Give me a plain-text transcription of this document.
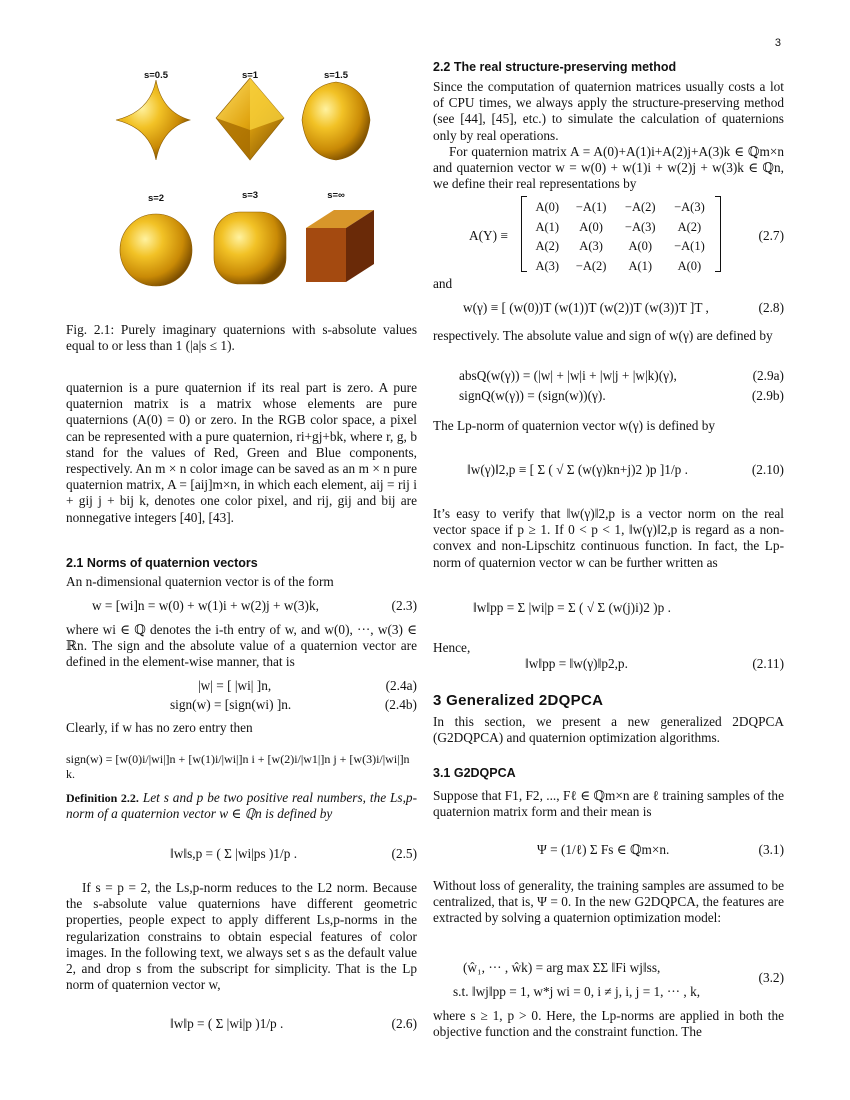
3
s=0.5	s=1	s=1.5
s=2	s=3	s=∞
Fig. 2.1: Purely imaginary quaternions with s-absolute values equal to or less than 1 (|a|s ≤ 1).

quaternion is a pure quaternion if its real part is zero. A pure quaternion matrix is a matrix whose elements are pure quaternions (A(0) = 0) or zero. In the RGB color space, a pixel can be represented with a pure quaternion, ri+gj+bk, where r, g, b stand for the values of Red, Green and Blue components, respectively. An m × n color image can be saved as an m × n pure quaternion matrix, A = [aij]m×n, in which each element, aij = rij i + gij j + bij k, denotes one color pixel, and rij, gij and bij are nonnegative integers [40], [43].

2.1 Norms of quaternion vectors

An n-dimensional quaternion vector is of the form

w = [wi]n = w(0) + w(1)i + w(2)j + w(3)k,	(2.3)

where wi ∈ ℚ denotes the i-th entry of w, and w(0), ···, w(3) ∈ ℝn. The sign and the absolute value of a quaternion vector are defined in the element-wise manner, that is

|w| = [ |wi| ]n,	(2.4a)
sign(w) = [sign(wi) ]n.	(2.4b)

Clearly, if w has no zero entry then

sign(w) = [w(0)i/|wi|]n + [w(1)i/|wi|]n i + [w(2)i/|w1|]n j + [w(3)i/|wi|]n k.

Definition 2.2. Let s and p be two positive real numbers, the Ls,p-norm of a quaternion vector w ∈ ℚn is defined by

‖w‖s,p = ( Σ |wi|ps )1/p .	(2.5)

If s = p = 2, the Ls,p-norm reduces to the L2 norm. Because the s-absolute value quaternions have different geometric properties, people expect to apply different Ls,p-norms in the regularization constrains to obtain especial features of color images. In the following text, we always set s as the default value 2, and drop s from the subscript for simplicity. That is the Lp norm of quaternion vector w,

‖w‖p = ( Σ |wi|p )1/p .	(2.6)
2.2 The real structure-preserving method

Since the computation of quaternion matrices usually costs a lot of CPU times, we always apply the structure-preserving method (see [44], [45], etc.) to simulate the calculation of quaternions only by real operations.

For quaternion matrix A = A(0)+A(1)i+A(2)j+A(3)k ∈ ℚm×n and quaternion vector w = w(0) + w(1)i + w(2)j + w(3)k ∈ ℚn, we define their real representations by

A(Υ) ≡
A(0)	−A(1)	−A(2)	−A(3)
A(1)	A(0)	−A(3)	A(2)
A(2)	A(3)	A(0)	−A(1)
A(3)	−A(2)	A(1)	A(0)
(2.7)

and

w(γ) ≡ [ (w(0))T (w(1))T (w(2))T (w(3))T ]T ,	(2.8)

respectively. The absolute value and sign of w(γ) are defined by

absQ(w(γ)) = (|w| + |w|i + |w|j + |w|k)(γ),	(2.9a)
signQ(w(γ)) = (sign(w))(γ).	(2.9b)

The Lp-norm of quaternion vector w(γ) is defined by

‖w(γ)‖2,p ≡ [ Σ ( √ Σ (w(γ)kn+j)2 )p ]1/p .	(2.10)

It’s easy to verify that ‖w(γ)‖2,p is a vector norm on the real vector space if p ≥ 1. If 0 < p < 1, ‖w(γ)‖2,p is regard as a non-convex and non-Lipschitz continuous function. In fact, the Lp-norm of quaternion vector w can be further written as

‖w‖pp = Σ |wi|p = Σ ( √ Σ (w(j)i)2 )p .

Hence,

‖w‖pp = ‖w(γ)‖p2,p.	(2.11)
3 Generalized 2DQPCA

In this section, we present a new generalized 2DQPCA (G2DQPCA) and quaternion optimization algorithms.

3.1 G2DQPCA

Suppose that F1, F2, ..., Fℓ ∈ ℚm×n are ℓ training samples of the quaternion matrix form and their mean is

Ψ = (1/ℓ) Σ Fs ∈ ℚm×n.	(3.1)

Without loss of generality, the training samples are assumed to be centralized, that is, Ψ = 0. In the new G2DQPCA, the features are extracted by solving a quaternion optimization model:

(ŵ₁, ··· , ŵk) = arg max ΣΣ ‖Fi wj‖ss,
s.t. ‖wj‖pp = 1, w*j wi = 0, i ≠ j, i, j = 1, ··· , k,
(3.2)

where s ≥ 1, p > 0. Here, the Lp-norms are applied in both the objective function and the constraint function. The
